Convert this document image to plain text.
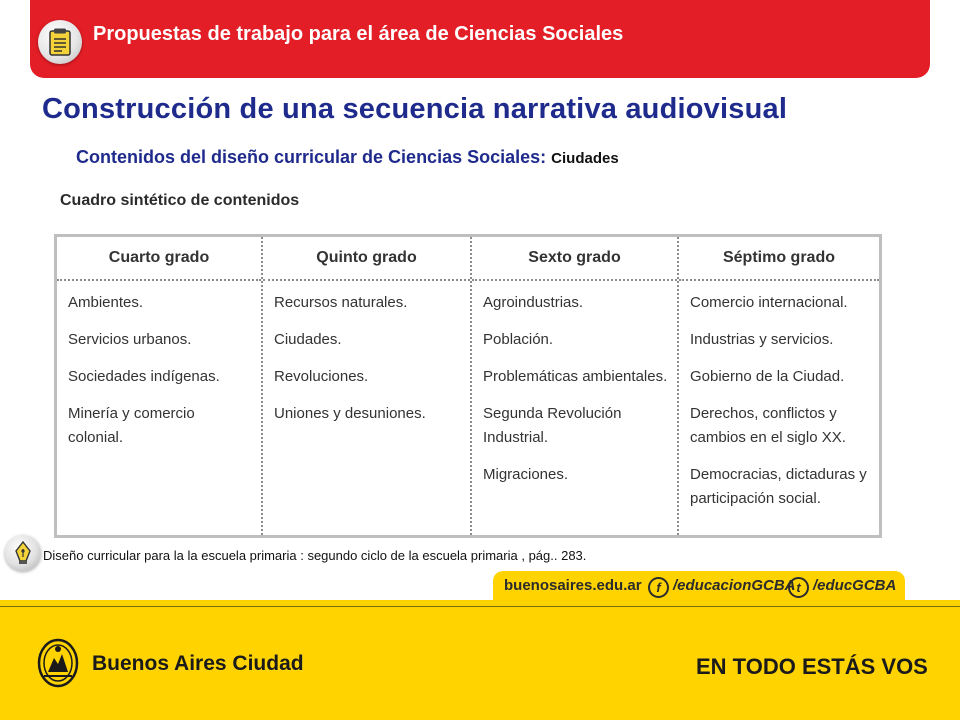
Propuestas de trabajo para el área de Ciencias Sociales
Construcción de una secuencia narrativa audiovisual
Contenidos del diseño curricular de Ciencias Sociales: Ciudades
Cuadro sintético de contenidos
Cuarto grado
Ambientes.
Servicios urbanos.
Sociedades indígenas.
Minería y comercio colonial.
Quinto grado
Recursos naturales.
Ciudades.
Revoluciones.
Uniones y desuniones.
Sexto grado
Agroindustrias.
Población.
Problemáticas ambientales.
Segunda Revolución Industrial.
Migraciones.
Séptimo grado
Comercio internacional.
Industrias y servicios.
Gobierno de la Ciudad.
Derechos, conflictos y cambios en el siglo XX.
Democracias, dictaduras y participación social.
Diseño curricular para la la escuela primaria : segundo ciclo de la escuela primaria , pág.. 283.
buenosaires.edu.ar	f /educacionGCBA t /educGCBA
Buenos Aires Ciudad	EN TODO ESTÁS VOS
